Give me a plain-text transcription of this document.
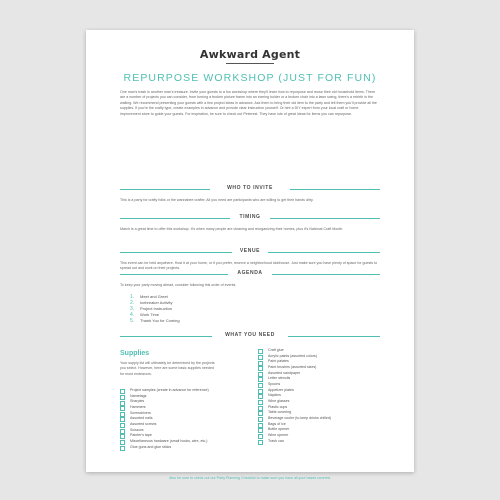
Awkward Agent
REPURPOSE WORKSHOP (JUST FOR FUN)
One man's trash is another man's treasure. Invite your guests to a fun workshop where they'll learn how to repurpose and reuse their old household items. There are a number of projects you can consider, from turning a broken picture frame into an earring holder or a broken chair into a lawn swing, there's a rebirth in the waiting. We recommend presenting your guests with a few project ideas in advance. Ask them to bring their old item to the party and tell them you'll provide all the supplies. If you're the crafty type, create examples in advance and provide clear instruction yourself. Or hire a DIY expert from your local craft or home improvement store to guide your guests. For inspiration, be sure to check out Pinterest. They have lots of great ideas for items you can repurpose.
WHO TO INVITE
This is a party for crafty folks or the wannabee crafter. All you need are participants who are willing to get their hands dirty.
TIMING
March is a great time to offer this workshop. It's when many people are cleaning and reorganizing their homes, plus it's National Craft Month.
VENUE
This event can be held anywhere. Host it at your home, or if you prefer, reserve a neighborhood clubhouse. Just make sure you have plenty of space for guests to spread out and work on their projects.
AGENDA
To keep your party moving ahead, consider following this order of events.
1. Meet and Greet
2. Icebreaker Activity
3. Project Instruction
4. Work Time
5. Thank You for Coming
WHAT YOU NEED
Supplies
Your supply list will ultimately be determined by the projects you select. However, here are some basic supplies needed for most endeavors.
Project samples (create in advance for reference)
Nametags
Sharpies
Hammers
Screwdrivers
Assorted nails
Assorted screws
Scissors
Painter's tape
Miscellaneous hardware (small hooks, wire, etc.)
Glue guns and glue sticks
Craft glue
Acrylic paints (assorted colors)
Paint palates
Paint brushes (assorted sizes)
Assorted sandpaper
Letter stencils
Spoons
Appetizer plates
Napkins
Wine glasses
Plastic cups
Table covering
Beverage cooler (to keep drinks chilled)
Bags of ice
Bottle opener
Wine opener
Trash can
Also be sure to check out our Party Planning Checklist to make sure you have all your bases covered.
